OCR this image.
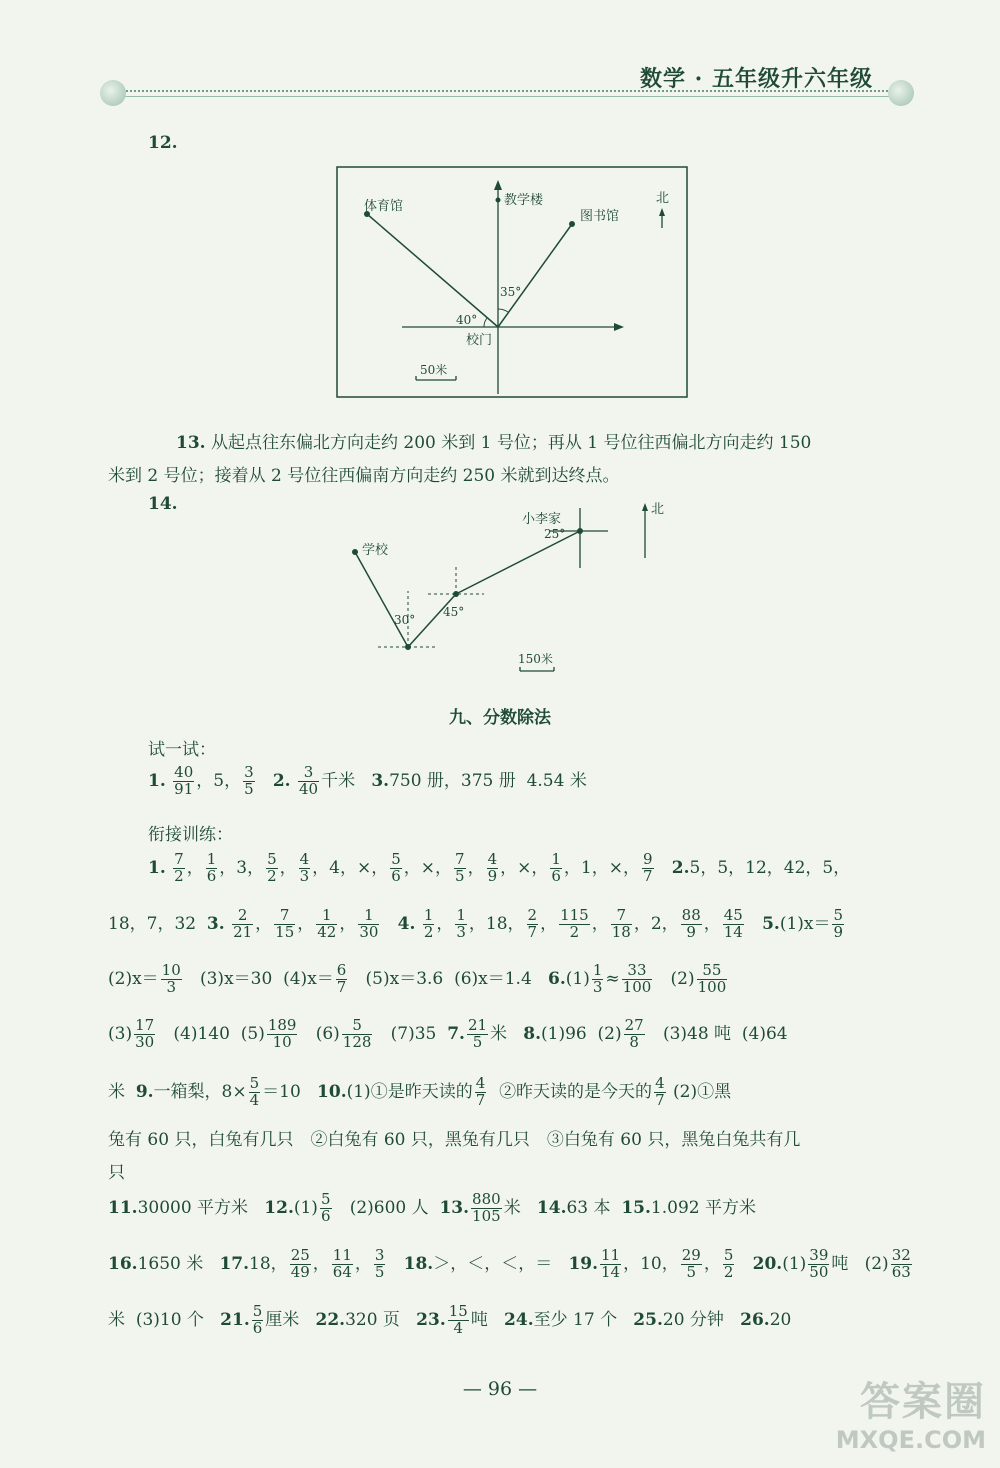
数学 · 五年级升六年级
12.
体育馆	教学楼
图书馆
北
35°
40°
校门
50米
13. 从起点往东偏北方向走约 200 米到 1 号位；再从 1 号位往西偏北方向走约 150
米到 2 号位；接着从 2 号位往西偏南方向走约 250 米就到达终点。
14.
小李家
25°
学校
30°
45°
北
150米
九、分数除法
试一试：
1. $\frac{40}{91}$ ，5， $\frac{3}{5} 2$. $\frac{3}{40}$ 千米 3.750 册，375 册 4.54 米
衔接训练：
1. $\frac{7}{2}$ ， $\frac{1}{6}$ ，3， $\frac{5}{2}$ ， $\frac{4}{3}$ ，4，×， $\frac{5}{6}$ ，×， $\frac{7}{5}$ ， $\frac{4}{9}$ ，×， $\frac{1}{6}$ ，1，×， $\frac{9}{7} 2.5$，5，12，42，5，
18，7，32 3. $\frac{2}{21}$ ， $\frac{7}{15}$ ， $\frac{1}{42}$ ， $\frac{1}{30} 4$. $\frac{1}{2}$ ， $\frac{1}{3}$ ，18， $\frac{2}{7}$ ， $\frac{115}{2}$ ， $\frac{7}{18}$ ，2， $\frac{88}{9}$ ， $\frac{45}{14} 5.(1)x= \frac{5}{9}$
$(2)x= \frac{10}{3} (3)x=30$ $(4)x= \frac{6}{7} (5)x=3.6$ (6)x＝1.4 $6.(1) \frac{1}{3} \approx \frac{33}{100} (2) \frac{55}{100}$
$(3) \frac{17}{30} (4)140$ $(5) \frac{189}{10} (6) \frac{5}{128} (7)35$ 7. $\frac{21}{5}$ 米 8.(1)96 $(2) \frac{27}{8} (3)48$ 吨 (4)64
米 9.一箱梨，$8\times \frac{5}{4} =10$ 10.(1)①是昨天读的 $\frac{4}{7}$ ②昨天读的是今天的 $\frac{4}{7}$ (2)①黑
兔有 60 只，白兔有几只　②白兔有 60 只，黑兔有几只　③白兔有 60 只，黑兔白兔共有几
只
11.30000 平方米 $12.(1) \frac{5}{6} (2)600$ 人 13. $\frac{880}{105}$ 米 14.63 本 15.1.092 平方米
16.1650 米 17.18， $\frac{25}{49}$ ， $\frac{11}{64}$ ， $\frac{3}{5} 18.>$，＜，＜，＝ 19. $\frac{11}{14}$ ，10， $\frac{29}{5}$ ， $\frac{5}{2} 20.(1) \frac{39}{50}$ 吨 $(2) \frac{32}{63}$
米 (3)10 个 21. $\frac{5}{6}$ 厘米 22.320 页 23. $\frac{15}{4}$ 吨 24.至少 17 个 25.20 分钟 26.20
— 96 —	答案圈
MXQE.COM
